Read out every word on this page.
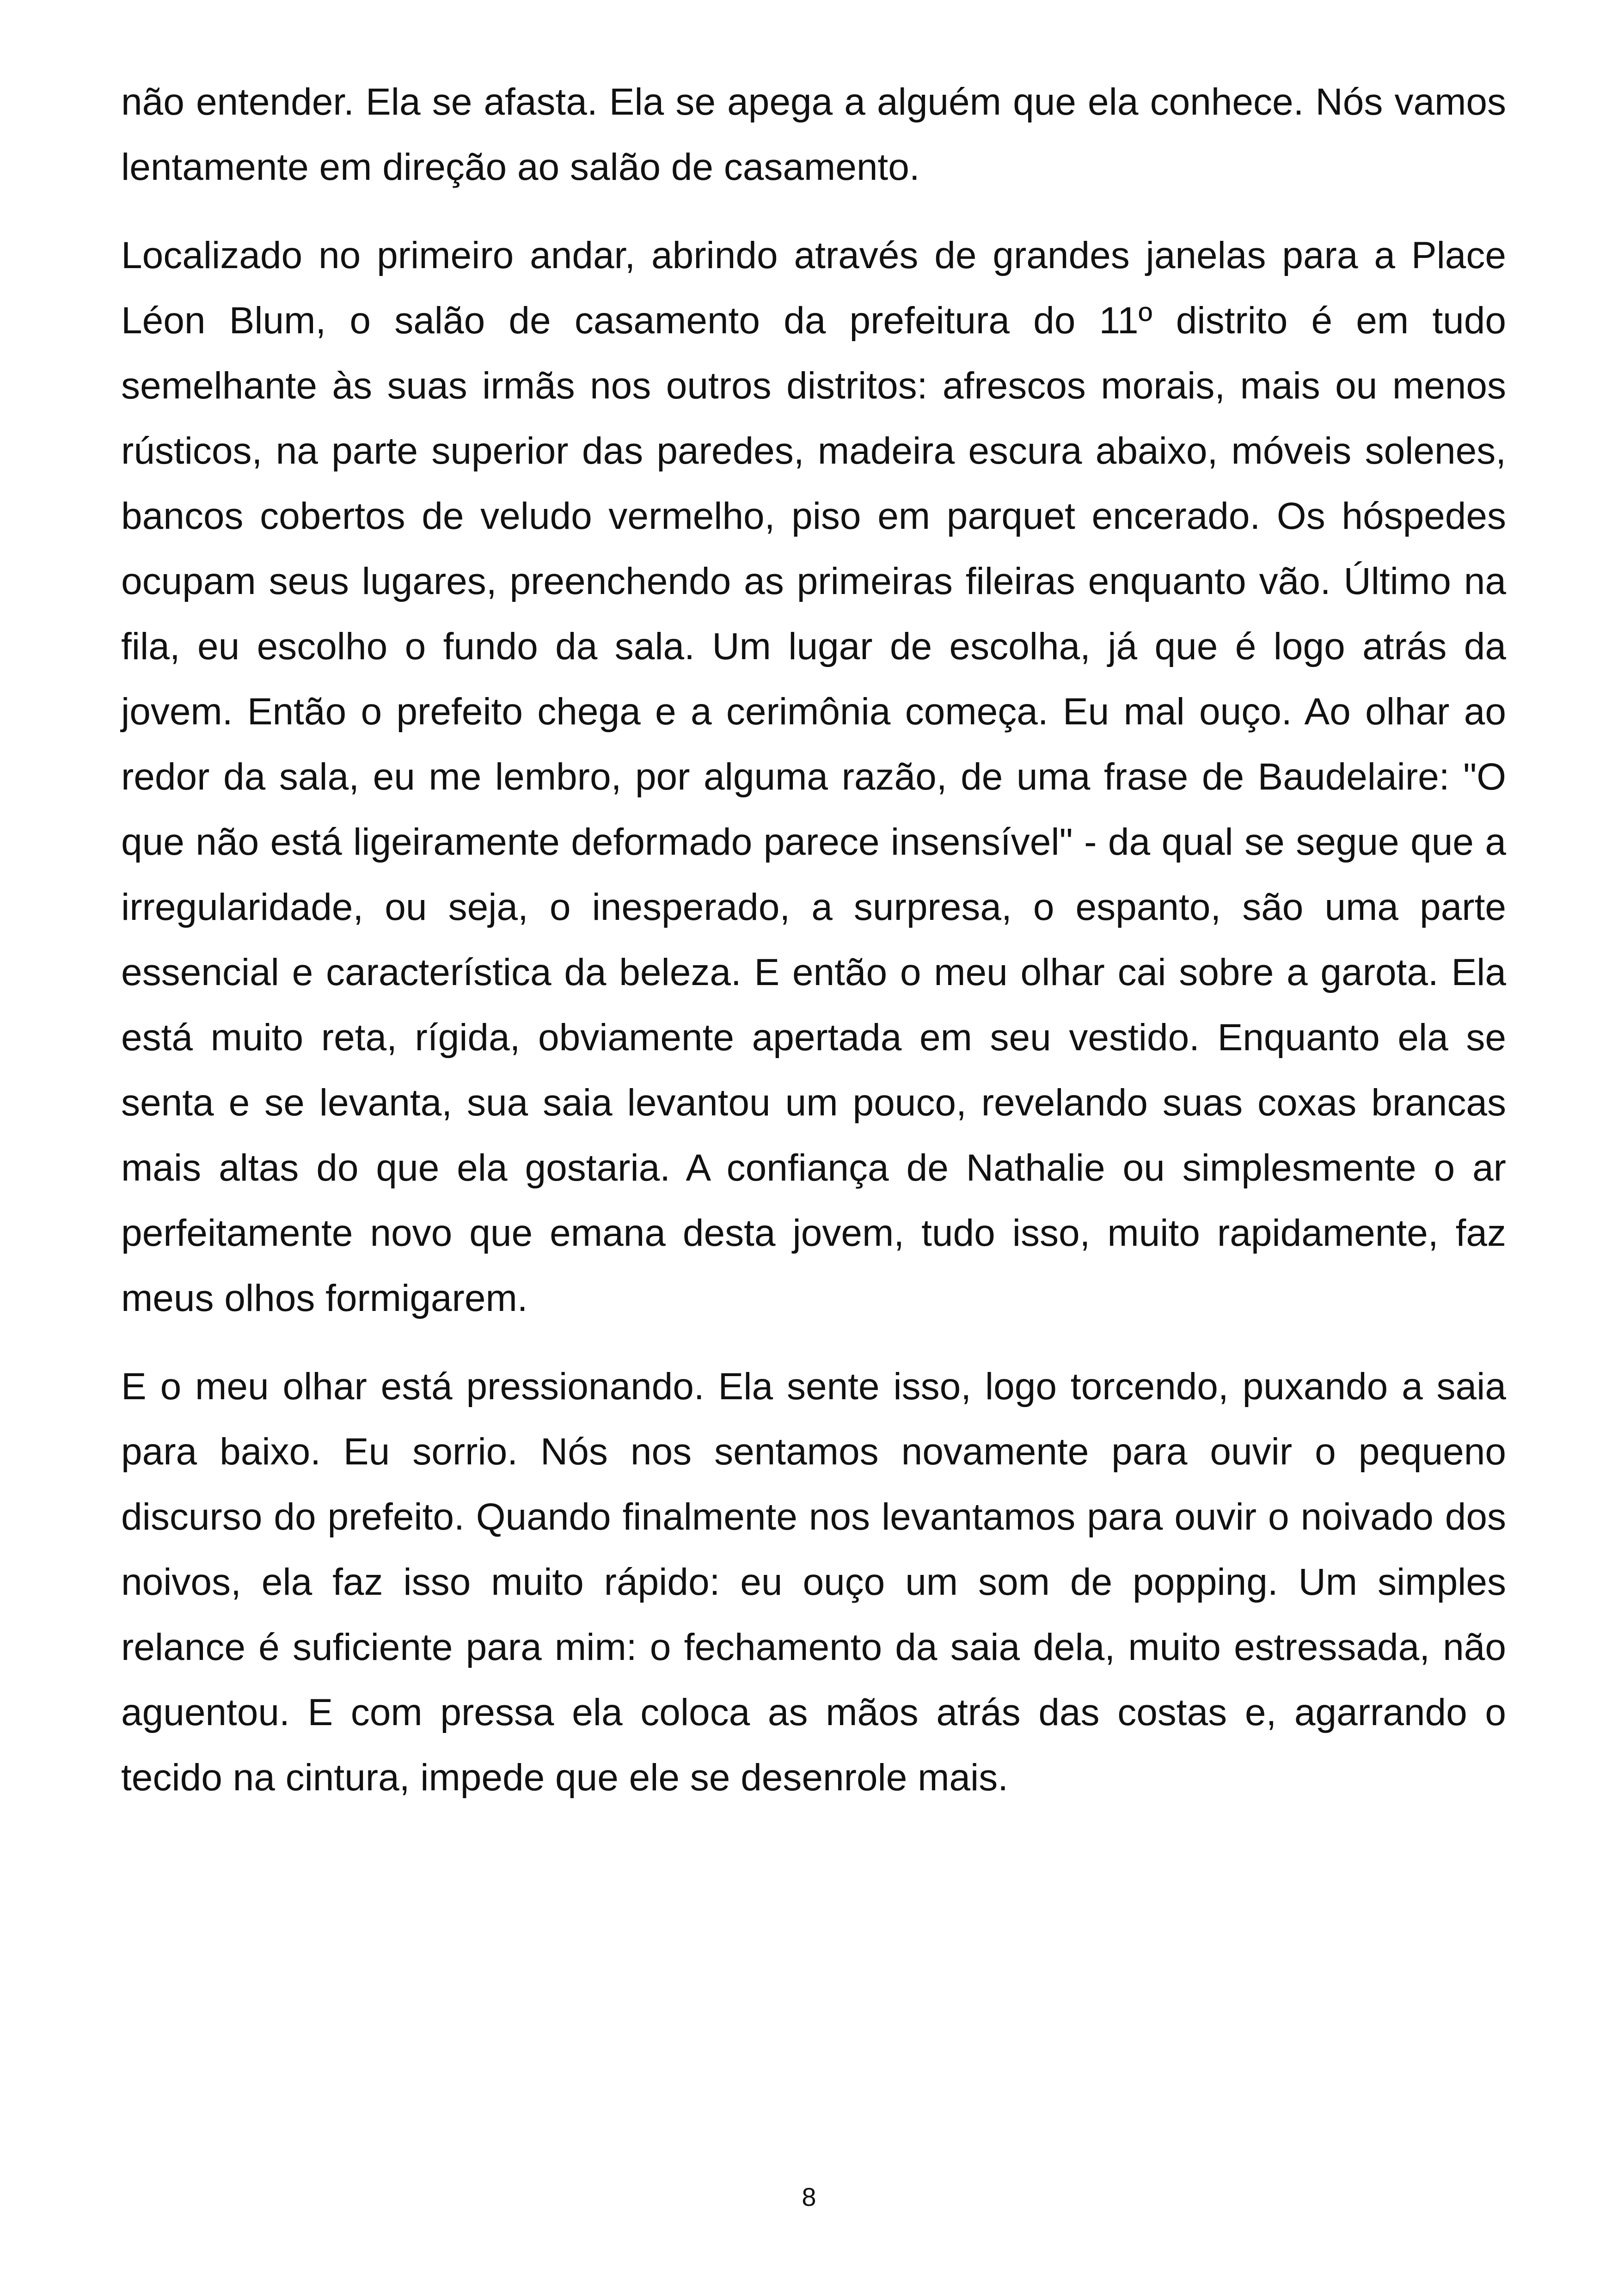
não entender. Ela se afasta. Ela se apega a alguém que ela conhece. Nós vamos lentamente em direção ao salão de casamento.

Localizado no primeiro andar, abrindo através de grandes janelas para a Place Léon Blum, o salão de casamento da prefeitura do 11º distrito é em tudo semelhante às suas irmãs nos outros distritos: afrescos morais, mais ou menos rústicos, na parte superior das paredes, madeira escura abaixo, móveis solenes, bancos cobertos de veludo vermelho, piso em parquet encerado. Os hóspedes ocupam seus lugares, preenchendo as primeiras fileiras enquanto vão. Último na fila, eu escolho o fundo da sala. Um lugar de escolha, já que é logo atrás da jovem. Então o prefeito chega e a cerimônia começa. Eu mal ouço. Ao olhar ao redor da sala, eu me lembro, por alguma razão, de uma frase de Baudelaire: "O que não está ligeiramente deformado parece insensível" - da qual se segue que a irregularidade, ou seja, o inesperado, a surpresa, o espanto, são uma parte essencial e característica da beleza. E então o meu olhar cai sobre a garota. Ela está muito reta, rígida, obviamente apertada em seu vestido. Enquanto ela se senta e se levanta, sua saia levantou um pouco, revelando suas coxas brancas mais altas do que ela gostaria. A confiança de Nathalie ou simplesmente o ar perfeitamente novo que emana desta jovem, tudo isso, muito rapidamente, faz meus olhos formigarem.

E o meu olhar está pressionando. Ela sente isso, logo torcendo, puxando a saia para baixo. Eu sorrio. Nós nos sentamos novamente para ouvir o pequeno discurso do prefeito. Quando finalmente nos levantamos para ouvir o noivado dos noivos, ela faz isso muito rápido: eu ouço um som de popping. Um simples relance é suficiente para mim: o fechamento da saia dela, muito estressada, não aguentou. E com pressa ela coloca as mãos atrás das costas e, agarrando o tecido na cintura, impede que ele se desenrole mais.

8
